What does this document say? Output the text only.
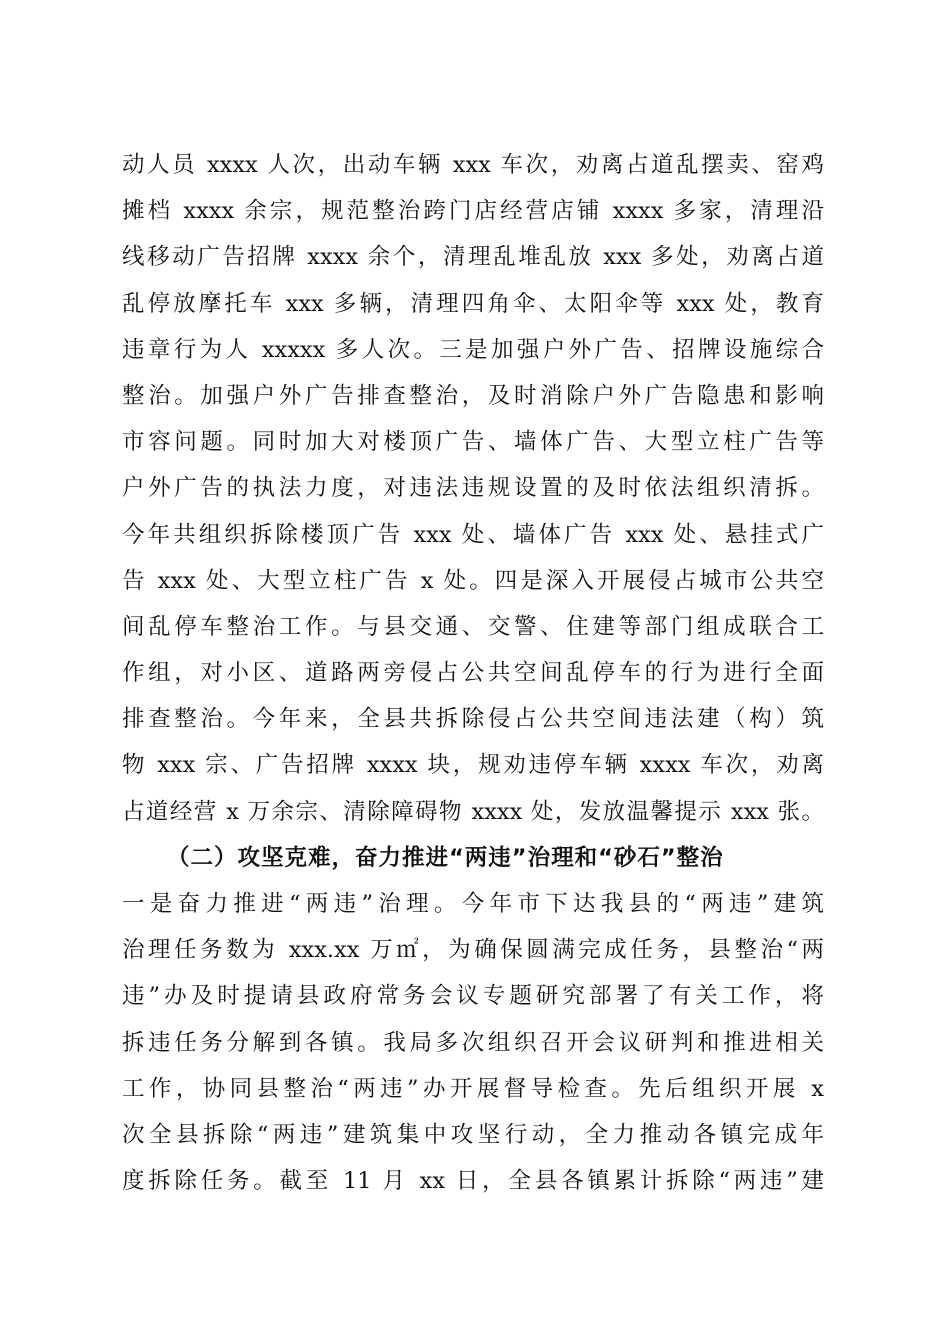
动人员 xxxx 人次，出动车辆 xxx 车次，劝离占道乱摆卖、窑鸡
摊档 xxxx 余宗，规范整治跨门店经营店铺 xxxx 多家，清理沿
线移动广告招牌 xxxx 余个，清理乱堆乱放 xxx 多处，劝离占道
乱停放摩托车 xxx 多辆，清理四角伞、太阳伞等 xxx 处，教育
违章行为人 xxxxx 多人次。三是加强户外广告、招牌设施综合
整治。加强户外广告排查整治，及时消除户外广告隐患和影响
市容问题。同时加大对楼顶广告、墙体广告、大型立柱广告等
户外广告的执法力度，对违法违规设置的及时依法组织清拆。
今年共组织拆除楼顶广告 xxx 处、墙体广告 xxx 处、悬挂式广
告 xxx 处、大型立柱广告 x 处。四是深入开展侵占城市公共空
间乱停车整治工作。与县交通、交警、住建等部门组成联合工
作组，对小区、道路两旁侵占公共空间乱停车的行为进行全面
排查整治。今年来，全县共拆除侵占公共空间违法建（构）筑
物 xxx 宗、广告招牌 xxxx 块，规劝违停车辆 xxxx 车次，劝离
占道经营 x 万余宗、清除障碍物 xxxx 处，发放温馨提示 xxx 张。
（二）攻坚克难，奋力推进“两违”治理和“砂石”整治
一是奋力推进“两违”治理。今年市下达我县的“两违”建筑
治理任务数为 xxx.xx 万㎡，为确保圆满完成任务，县整治“两
违”办及时提请县政府常务会议专题研究部署了有关工作，将
拆违任务分解到各镇。我局多次组织召开会议研判和推进相关
工作，协同县整治“两违”办开展督导检查。先后组织开展 x
次全县拆除“两违”建筑集中攻坚行动，全力推动各镇完成年
度拆除任务。截至 11 月 xx 日，全县各镇累计拆除“两违”建
